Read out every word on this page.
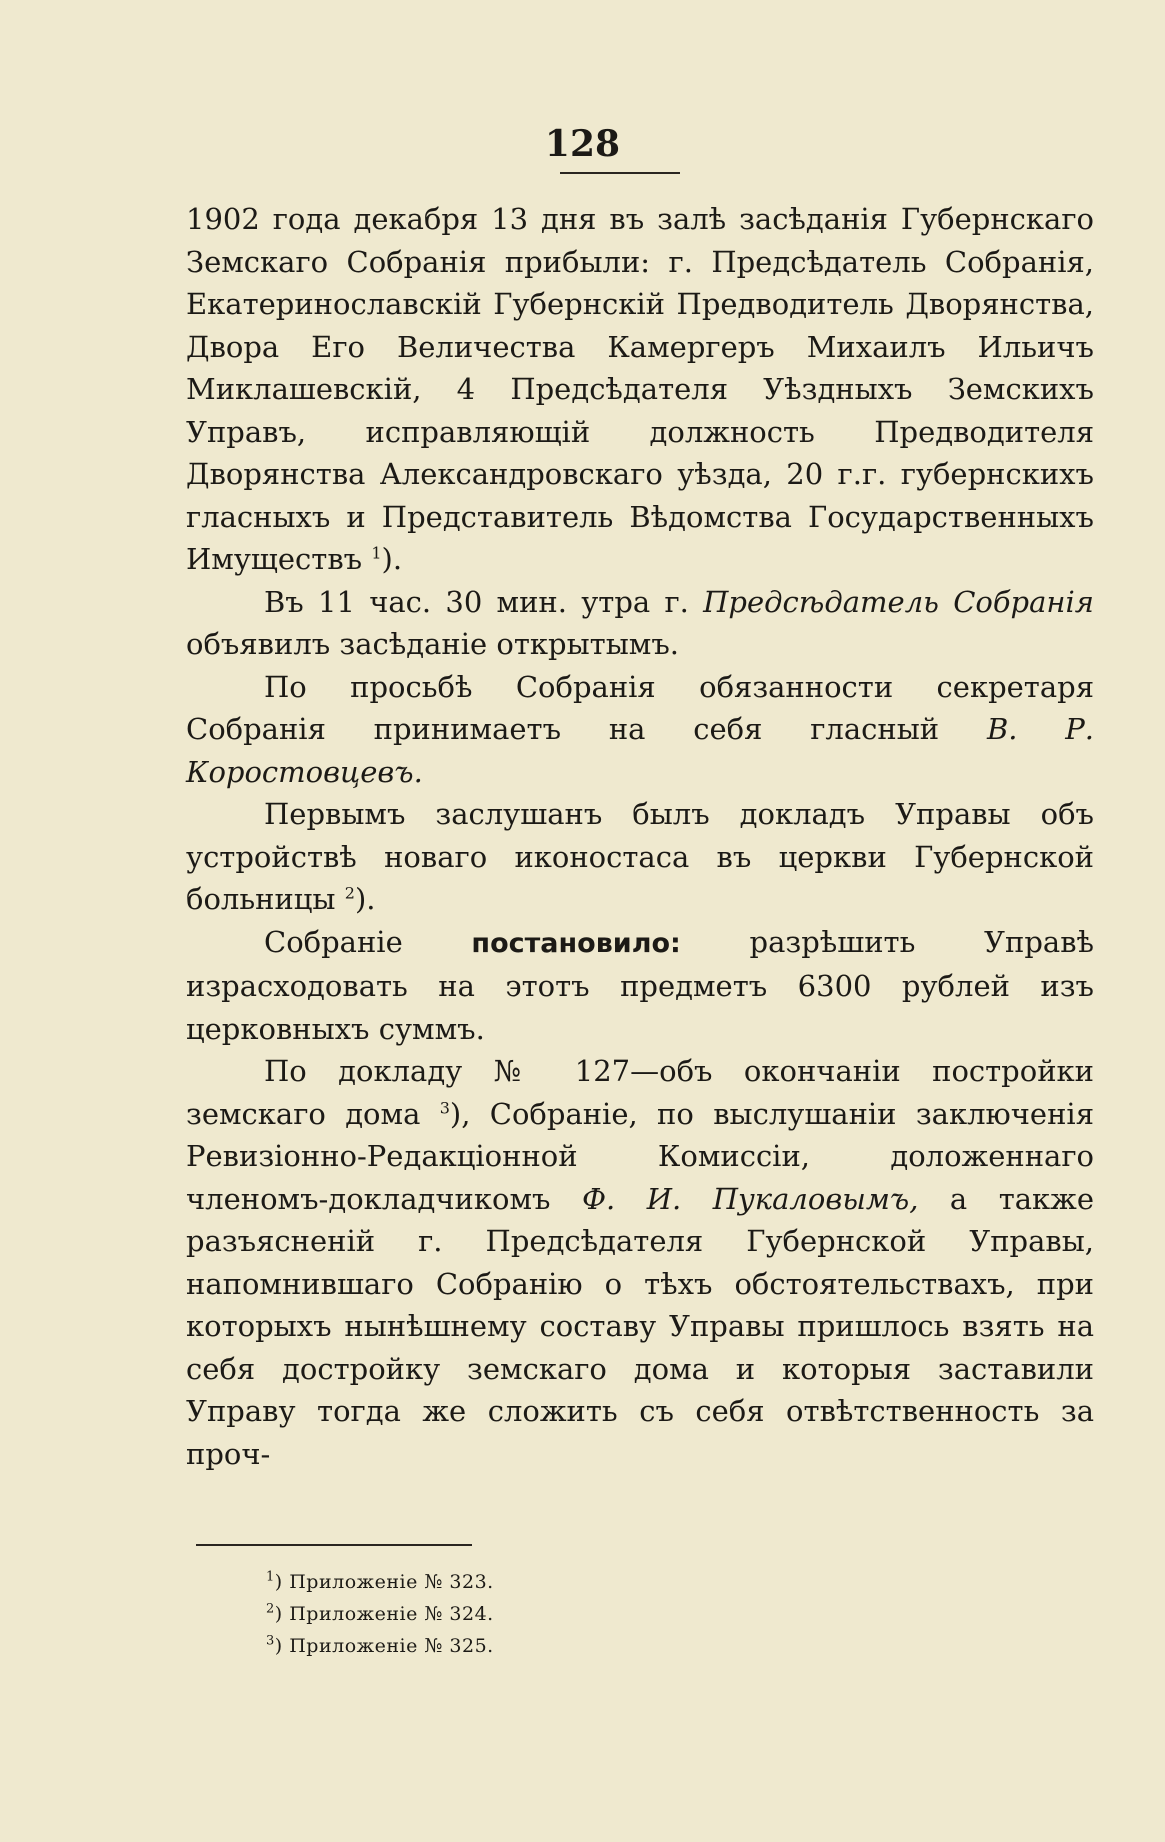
128

1902 года декабря 13 дня въ залѣ засѣданія Губернскаго Земскаго Собранія прибыли: г. Предсѣдатель Собранія, Екатеринославскій Губернскій Предводитель Дворянства, Двора Его Величества Камергеръ Михаилъ Ильичъ Миклашевскій, 4 Предсѣдателя Уѣздныхъ Земскихъ Управъ, исправляющій должность Предводителя Дворянства Александровскаго уѣзда, 20 г.г. губернскихъ гласныхъ и Представитель Вѣдомства Государственныхъ Имуществъ $^1$).

Въ 11 час. 30 мин. утра г. Предсѣдатель Собранія объявилъ засѣданіе открытымъ.

По просьбѣ Собранія обязанности секретаря Собранія принимаетъ на себя гласный В. Р. Коростовцевъ.

Первымъ заслушанъ былъ докладъ Управы объ устройствѣ новаго иконостаса въ церкви Губернской больницы $^2$).

Собраніе постановило: разрѣшить Управѣ израсходовать на этотъ предметъ 6300 рублей изъ церковныхъ суммъ.

По докладу № 127—объ окончаніи постройки земскаго дома $^3$), Собраніе, по выслушаніи заключенія Ревизіонно-Редакціонной Комиссіи, доложеннаго членомъ-докладчикомъ Ф. И. Пукаловымъ, а также разъясненій г. Предсѣдателя Губернской Управы, напомнившаго Собранію о тѣхъ обстоятельствахъ, при которыхъ нынѣшнему составу Управы пришлось взять на себя достройку земскаго дома и которыя заставили Управу тогда же сложить съ себя отвѣтственность за проч-

$^1$) Приложеніе № 323.

$^2$) Приложеніе № 324.

$^3$) Приложеніе № 325.
